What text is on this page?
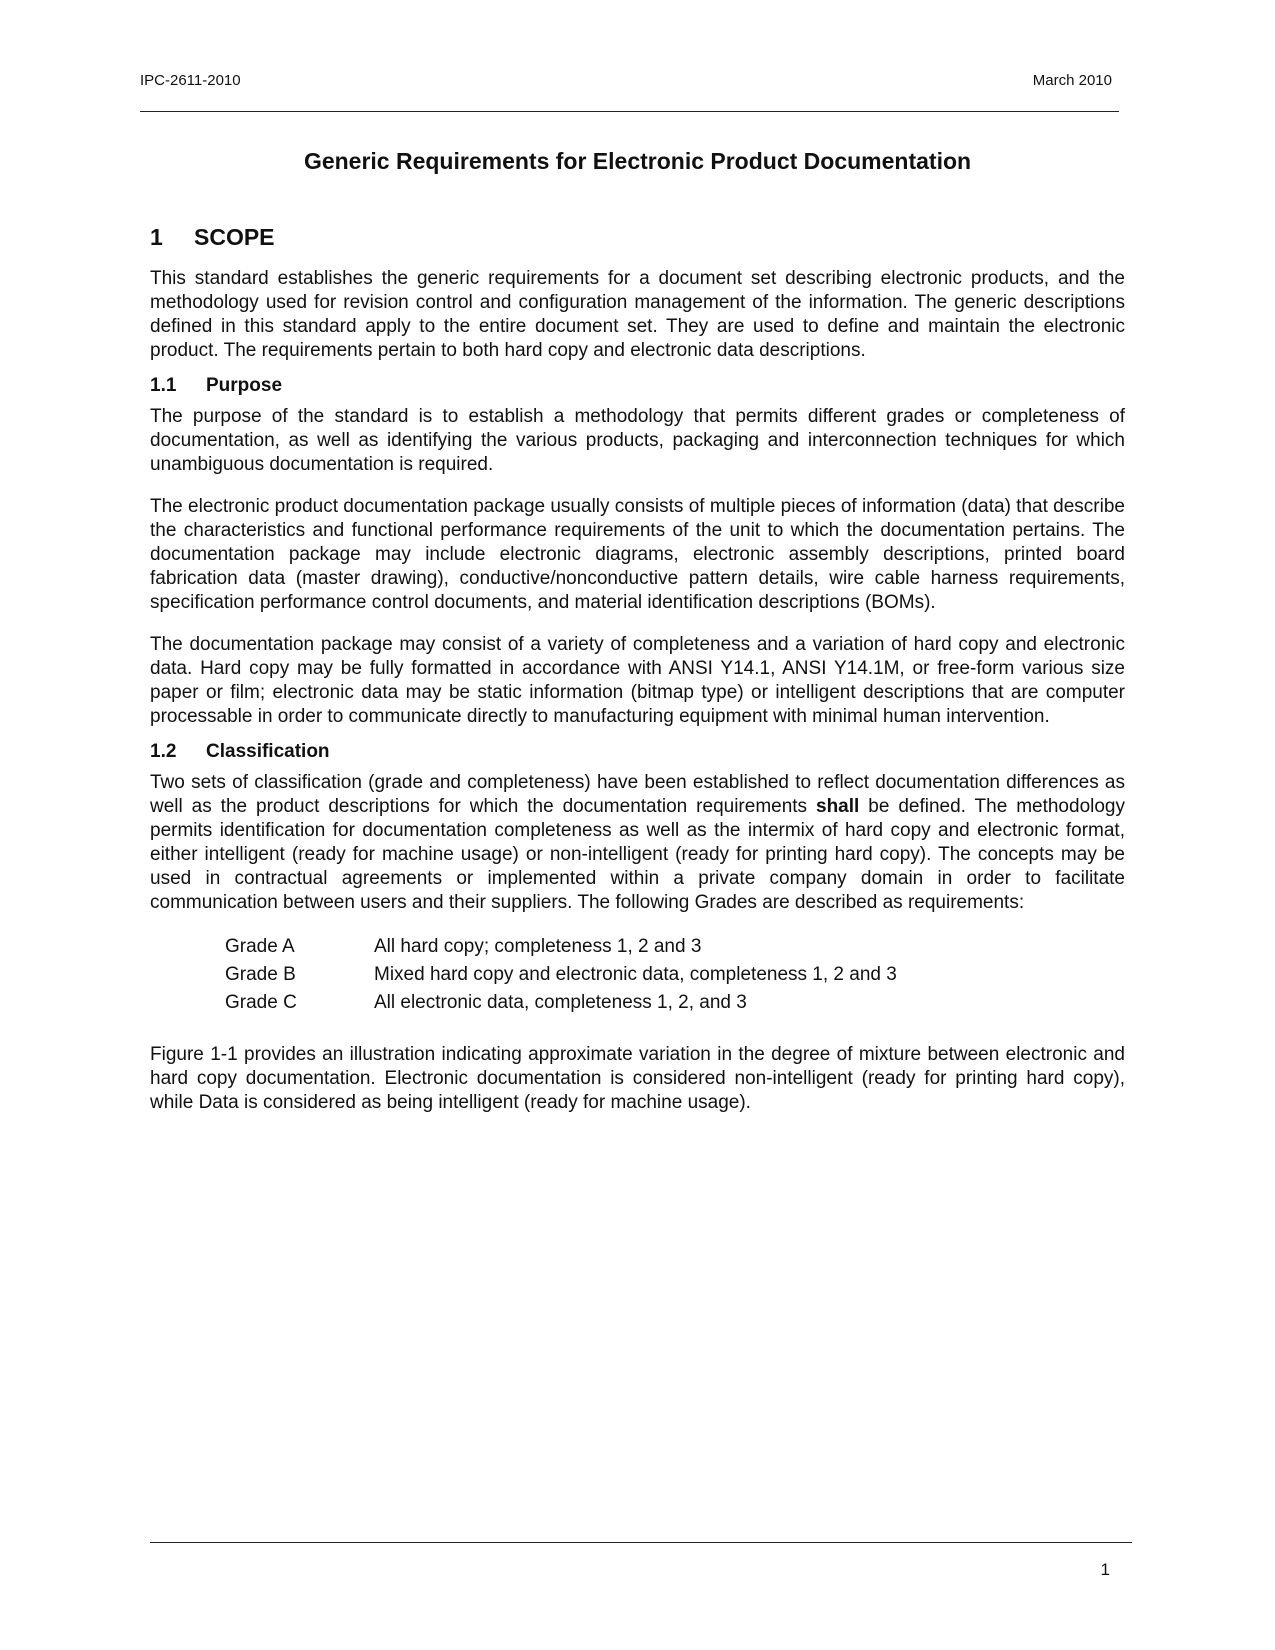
IPC-2611-2010	March 2010
Generic Requirements for Electronic Product Documentation
1	SCOPE

This standard establishes the generic requirements for a document set describing electronic products, and the methodology used for revision control and configuration management of the information. The generic descriptions defined in this standard apply to the entire document set. They are used to define and maintain the electronic product. The requirements pertain to both hard copy and electronic data descriptions.

1.1	Purpose

The purpose of the standard is to establish a methodology that permits different grades or completeness of documentation, as well as identifying the various products, packaging and interconnection techniques for which unambiguous documentation is required.

The electronic product documentation package usually consists of multiple pieces of information (data) that describe the characteristics and functional performance requirements of the unit to which the documentation pertains. The documentation package may include electronic diagrams, electronic assembly descriptions, printed board fabrication data (master drawing), conductive/nonconductive pattern details, wire cable harness requirements, specification performance control documents, and material identification descriptions (BOMs).

The documentation package may consist of a variety of completeness and a variation of hard copy and electronic data. Hard copy may be fully formatted in accordance with ANSI Y14.1, ANSI Y14.1M, or free-form various size paper or film; electronic data may be static information (bitmap type) or intelligent descriptions that are computer processable in order to communicate directly to manufacturing equipment with minimal human intervention.

1.2	Classification

Two sets of classification (grade and completeness) have been established to reflect documentation differences as well as the product descriptions for which the documentation requirements shall be defined. The methodology permits identification for documentation completeness as well as the intermix of hard copy and electronic format, either intelligent (ready for machine usage) or non-intelligent (ready for printing hard copy). The concepts may be used in contractual agreements or implemented within a private company domain in order to facilitate communication between users and their suppliers. The following Grades are described as requirements:

Grade A	All hard copy; completeness 1, 2 and 3
Grade B	Mixed hard copy and electronic data, completeness 1, 2 and 3
Grade C	All electronic data, completeness 1, 2, and 3

Figure 1-1 provides an illustration indicating approximate variation in the degree of mixture between electronic and hard copy documentation. Electronic documentation is considered non-intelligent (ready for printing hard copy), while Data is considered as being intelligent (ready for machine usage).

1
